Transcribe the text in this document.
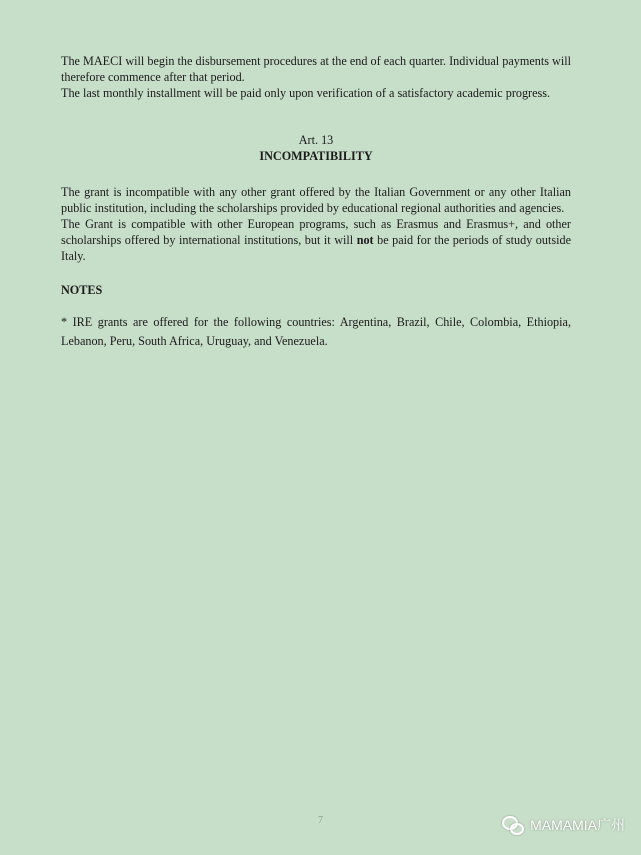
The MAECI will begin the disbursement procedures at the end of each quarter. Individual payments will therefore commence after that period.

The last monthly installment will be paid only upon verification of a satisfactory academic progress.

Art. 13
INCOMPATIBILITY

The grant is incompatible with any other grant offered by the Italian Government or any other Italian public institution, including the scholarships provided by educational regional authorities and agencies.

The Grant is compatible with other European programs, such as Erasmus and Erasmus+, and other scholarships offered by international institutions, but it will not be paid for the periods of study outside Italy.

NOTES

* IRE grants are offered for the following countries: Argentina, Brazil, Chile, Colombia, Ethiopia, Lebanon, Peru, South Africa, Uruguay, and Venezuela.

7	MAMAMIA广州
